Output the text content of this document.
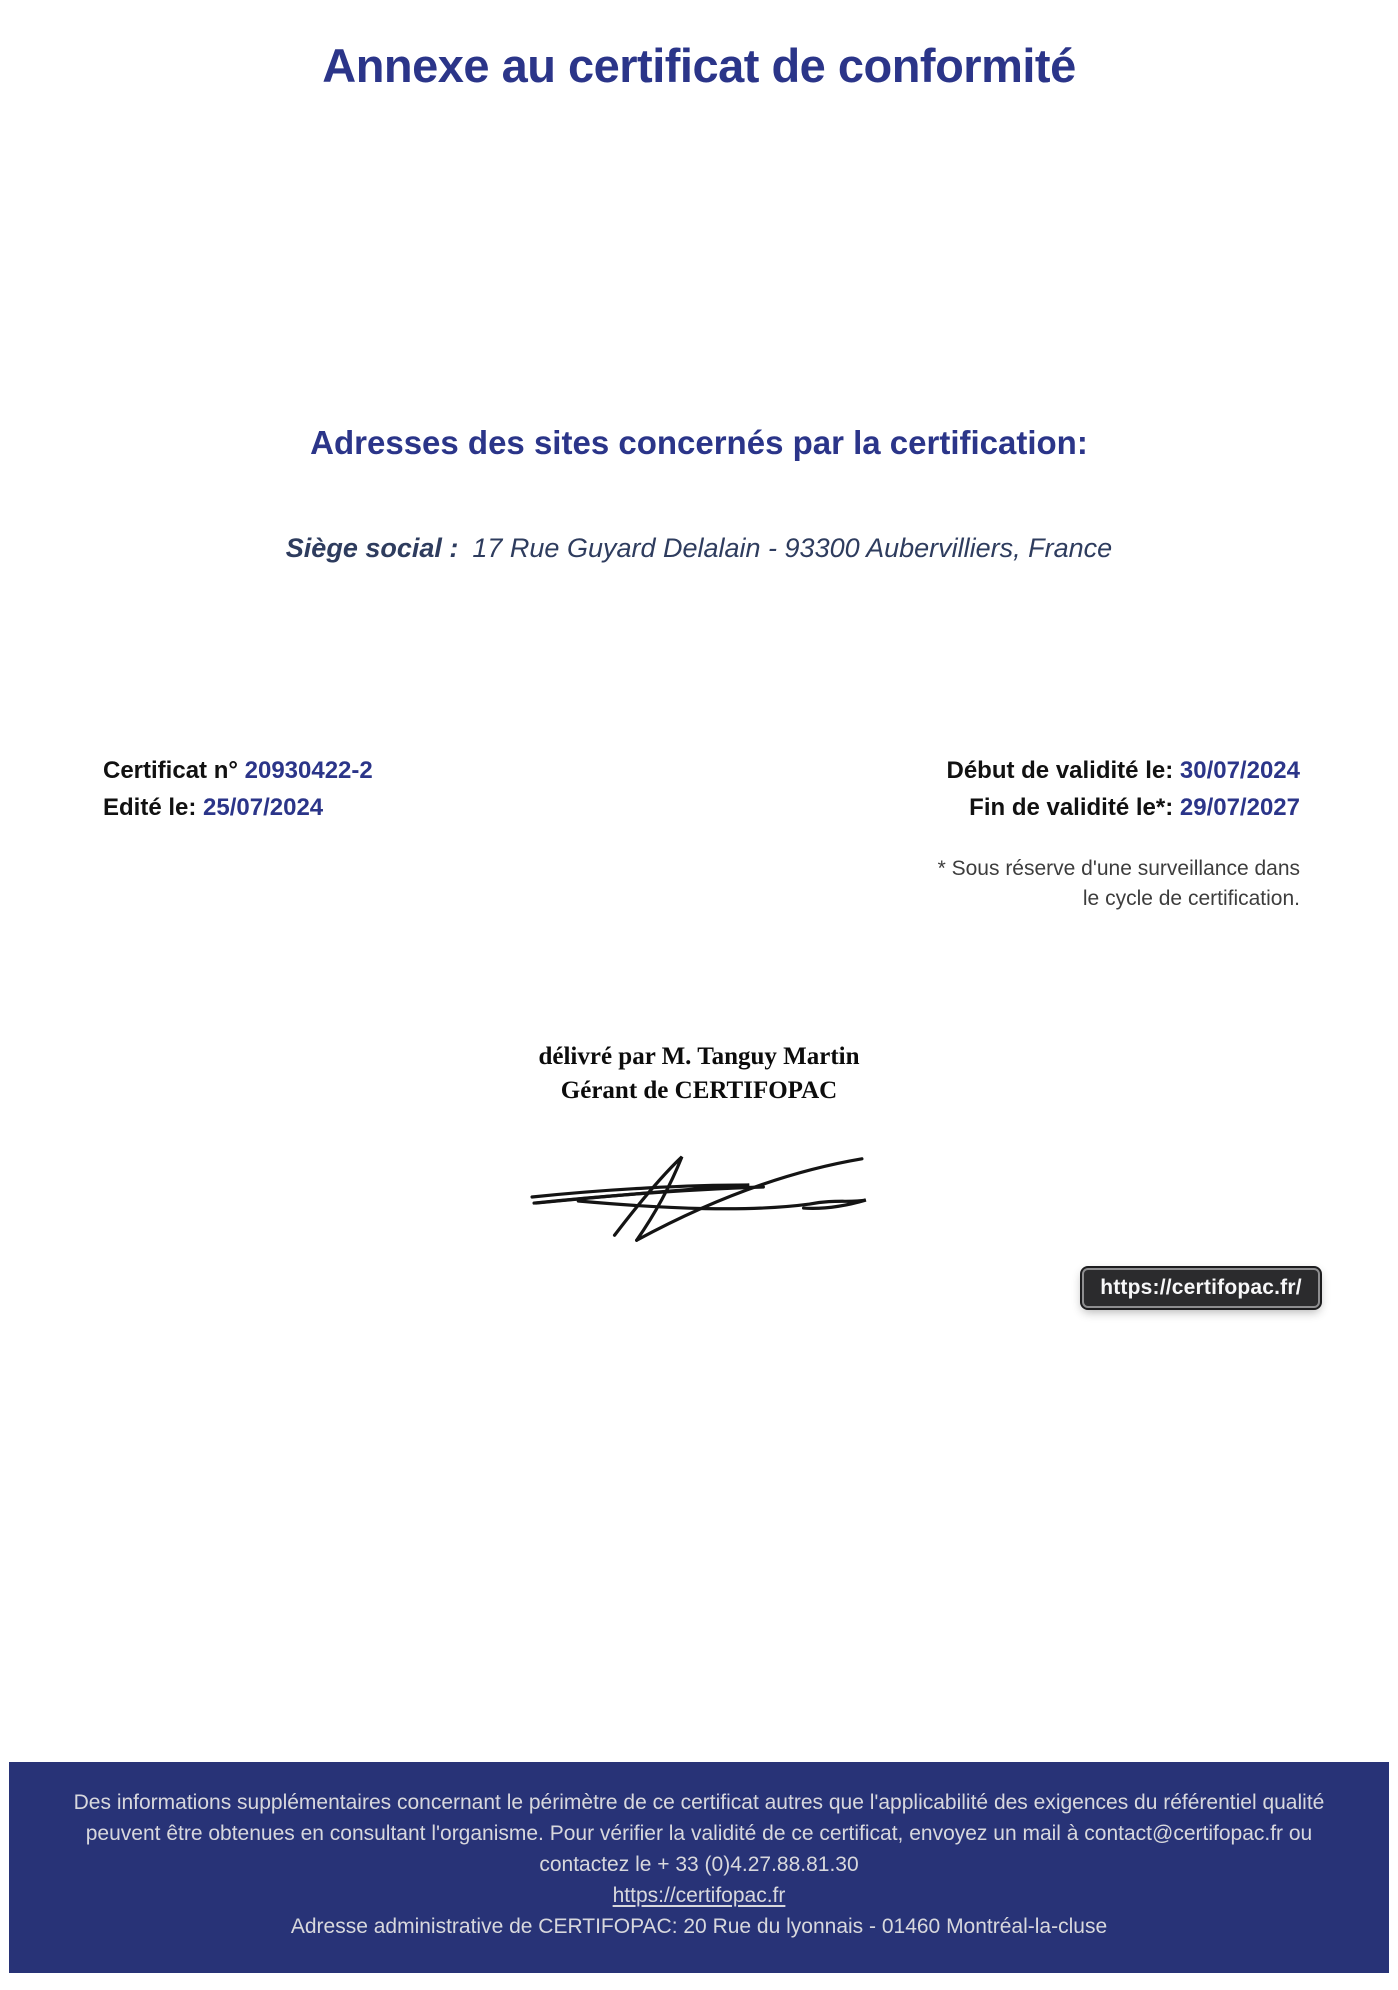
Annexe au certificat de conformité
Adresses des sites concernés par la certification:
Siège social : 17 Rue Guyard Delalain - 93300 Aubervilliers, France
Certificat n° 20930422-2
Edité le: 25/07/2024
Début de validité le: 30/07/2024
Fin de validité le*: 29/07/2027
* Sous réserve d'une surveillance dans
le cycle de certification.
délivré par M. Tanguy Martin
Gérant de CERTIFOPAC
https://certifopac.fr/
Des informations supplémentaires concernant le périmètre de ce certificat autres que l'applicabilité des exigences du référentiel qualité
peuvent être obtenues en consultant l'organisme. Pour vérifier la validité de ce certificat, envoyez un mail à contact@certifopac.fr ou
contactez le + 33 (0)4.27.88.81.30
https://certifopac.fr
Adresse administrative de CERTIFOPAC: 20 Rue du lyonnais - 01460 Montréal-la-cluse
